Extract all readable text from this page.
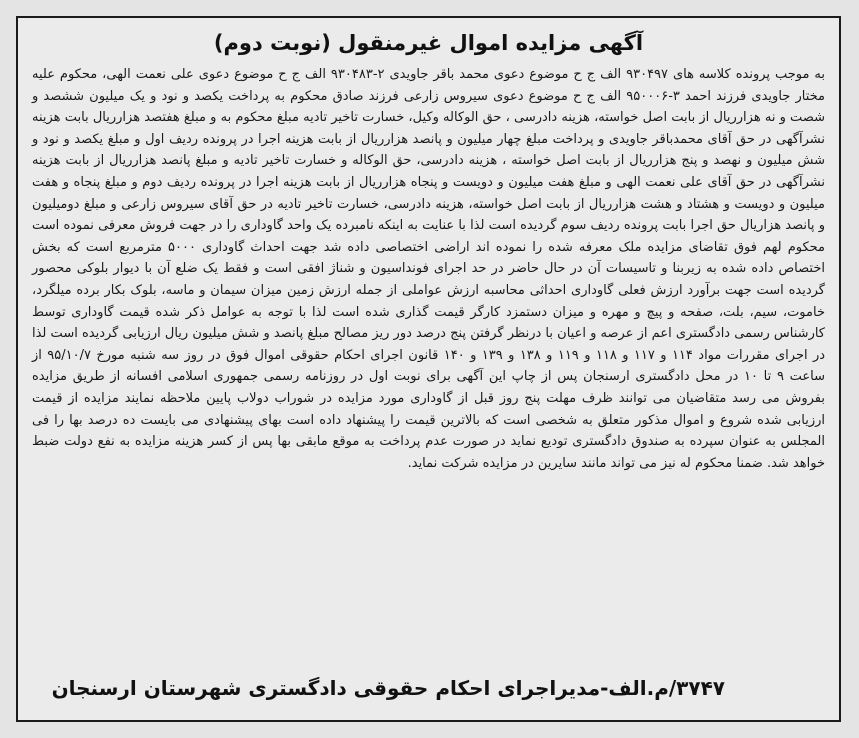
آگهی مزایده اموال غیرمنقول (نوبت دوم)

به موجب پرونده کلاسه های ۹۳۰۴۹۷ الف ج ح موضوع دعوی محمد باقر جاویدی ۲-۹۳۰۴۸۳ الف ج ح موضوع دعوی علی نعمت الهی، محکوم علیه مختار جاویدی فرزند احمد ۳-۹۵۰۰۰۶ الف ج ح موضوع دعوی سیروس زارعی فرزند صادق محکوم به پرداخت یکصد و نود و یک میلیون ششصد و شصت و نه هزارریال از بابت اصل خواسته، هزینه دادرسی ، حق الوکاله وکیل، خسارت تاخیر تادیه مبلغ محکوم به و مبلغ هفتصد هزارریال بابت هزینه نشرآگهی در حق آقای محمدباقر جاویدی و پرداخت مبلغ چهار میلیون و پانصد هزارریال از بابت هزینه اجرا در پرونده ردیف اول و مبلغ یکصد و نود و شش میلیون و نهصد و پنج هزارریال از بابت اصل خواسته ، هزینه دادرسی، حق الوکاله و خسارت تاخیر تادیه و مبلغ پانصد هزارریال از بابت هزینه نشرآگهی در حق آقای علی نعمت الهی و مبلغ هفت میلیون و دویست و پنجاه هزارریال از بابت هزینه اجرا در پرونده ردیف دوم و مبلغ پنجاه و هفت میلیون و دویست و هشتاد و هشت هزارریال از بابت اصل خواسته، هزینه دادرسی، خسارت تاخیر تادیه در حق آقای سیروس زارعی و مبلغ دومیلیون و پانصد هزاریال حق اجرا بابت پرونده ردیف سوم گردیده است لذا با عنایت به اینکه نامبرده یک واحد گاوداری را در جهت فروش معرفی نموده است محکوم لهم فوق تقاضای مزایده ملک معرفه شده را نموده اند اراضی اختصاصی داده شد جهت احداث گاوداری ۵۰۰۰ مترمربع است که بخش اختصاص داده شده به زیربنا و تاسیسات آن در حال حاضر در حد اجرای فونداسیون و شناژ افقی است و فقط یک ضلع آن با دیوار بلوکی محصور گردیده است جهت برآورد ارزش فعلی گاوداری احداثی محاسبه ارزش عواملی از جمله ارزش زمین میزان سیمان و ماسه، بلوک بکار برده میلگرد، خاموت، سیم، بلت، صفحه و پیچ و مهره و میزان دستمزد کارگر قیمت گذاری شده است لذا با توجه به عوامل ذکر شده قیمت گاوداری توسط کارشناس رسمی دادگستری اعم از عرصه و اعیان با درنظر گرفتن پنج درصد دور ریز مصالح مبلغ پانصد و شش میلیون ریال ارزیابی گردیده است لذا در اجرای مقررات مواد ۱۱۴ و ۱۱۷ و ۱۱۸ و ۱۱۹ و ۱۳۸ و ۱۳۹ و ۱۴۰ قانون اجرای احکام حقوقی اموال فوق در روز سه شنبه مورخ ۹۵/۱۰/۷ از ساعت ۹ تا ۱۰ در محل دادگستری ارسنجان پس از چاپ این آگهی برای نوبت اول در روزنامه رسمی جمهوری اسلامی افسانه از طریق مزایده بفروش می رسد متقاضیان می توانند ظرف مهلت پنج روز قبل از گاوداری مورد مزایده در شوراب دولاب پایین ملاحظه نمایند مزایده از قیمت ارزیابی شده شروع و اموال مذکور متعلق به شخصی است که بالاترین قیمت را پیشنهاد داده است بهای پیشنهادی می بایست ده درصد بها را فی المجلس به عنوان سپرده به صندوق دادگستری تودیع نماید در صورت عدم پرداخت به موقع مابقی بها پس از کسر هزینه مزایده به نفع دولت ضبط خواهد شد. ضمنا محکوم له نیز می تواند مانند سایرین در مزایده شرکت نماید.

۳۷۴۷/م.الف-مدیراجرای احکام حقوقی دادگستری شهرستان ارسنجان
